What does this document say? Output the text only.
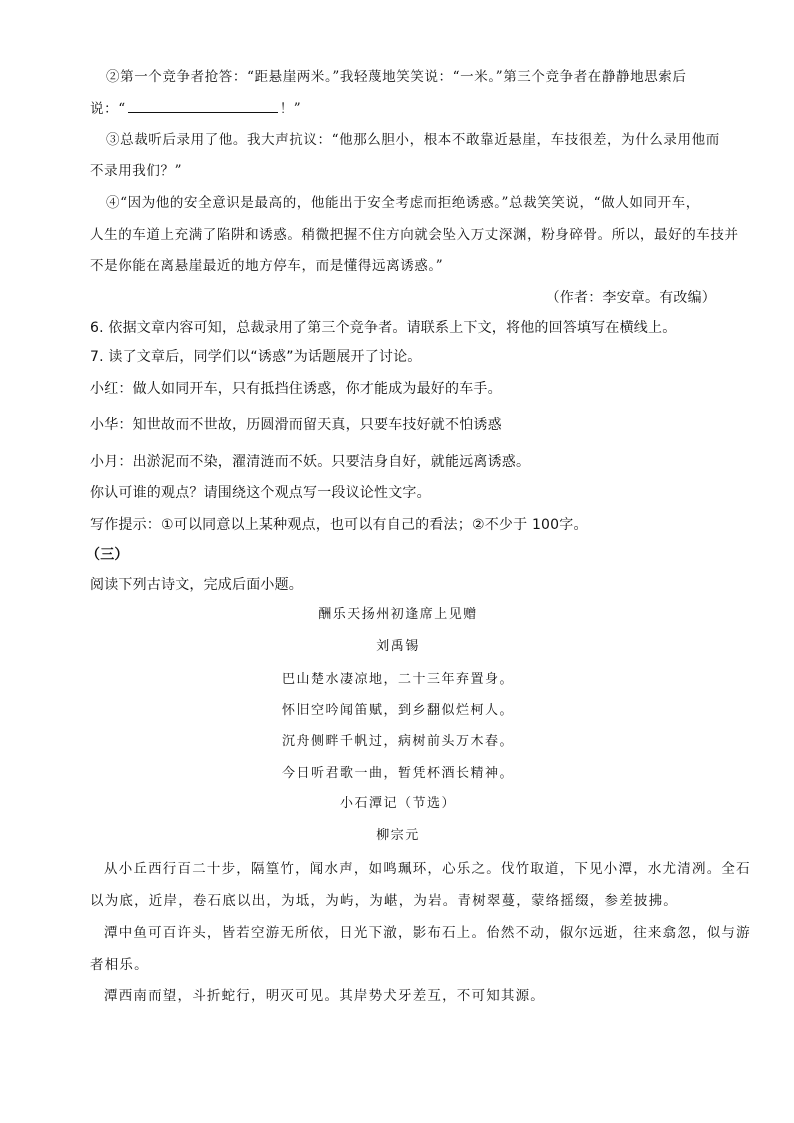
②第一个竞争者抢答：“距悬崖两米。”我轻蔑地笑笑说：“一米。”第三个竞争者在静静地思索后
说：“	！”
③总裁听后录用了他。我大声抗议：“他那么胆小，根本不敢靠近悬崖，车技很差，为什么录用他而
不录用我们？”
④“因为他的安全意识是最高的，他能出于安全考虑而拒绝诱惑。”总裁笑笑说，“做人如同开车，
人生的车道上充满了陷阱和诱惑。稍微把握不住方向就会坠入万丈深渊，粉身碎骨。所以，最好的车技并
不是你能在离悬崖最近的地方停车，而是懂得远离诱惑。”
（作者：李安章。有改编）
6. 依据文章内容可知，总裁录用了第三个竞争者。请联系上下文，将他的回答填写在横线上。
7. 读了文章后，同学们以“诱惑”为话题展开了讨论。
小红：做人如同开车，只有抵挡住诱惑，你才能成为最好的车手。
小华：知世故而不世故，历圆滑而留天真，只要车技好就不怕诱惑
小月：出淤泥而不染，濯清涟而不妖。只要洁身自好，就能远离诱惑。
你认可谁的观点？请围绕这个观点写一段议论性文字。
写作提示：①可以同意以上某种观点，也可以有自己的看法；②不少于 100字。
（三）
阅读下列古诗文，完成后面小题。
酬乐天扬州初逢席上见赠
刘禹锡
巴山楚水凄凉地，二十三年弃置身。
怀旧空吟闻笛赋，到乡翻似烂柯人。
沉舟侧畔千帆过，病树前头万木春。
今日听君歌一曲，暂凭杯酒长精神。
小石潭记（节选）
柳宗元
从小丘西行百二十步，隔篁竹，闻水声，如鸣珮环，心乐之。伐竹取道，下见小潭，水尤清冽。全石
以为底，近岸，卷石底以出，为坻，为屿，为嵁，为岩。青树翠蔓，蒙络摇缀，参差披拂。
潭中鱼可百许头，皆若空游无所依，日光下澈，影布石上。佁然不动，俶尔远逝，往来翕忽，似与游
者相乐。
潭西南而望，斗折蛇行，明灭可见。其岸势犬牙差互，不可知其源。
